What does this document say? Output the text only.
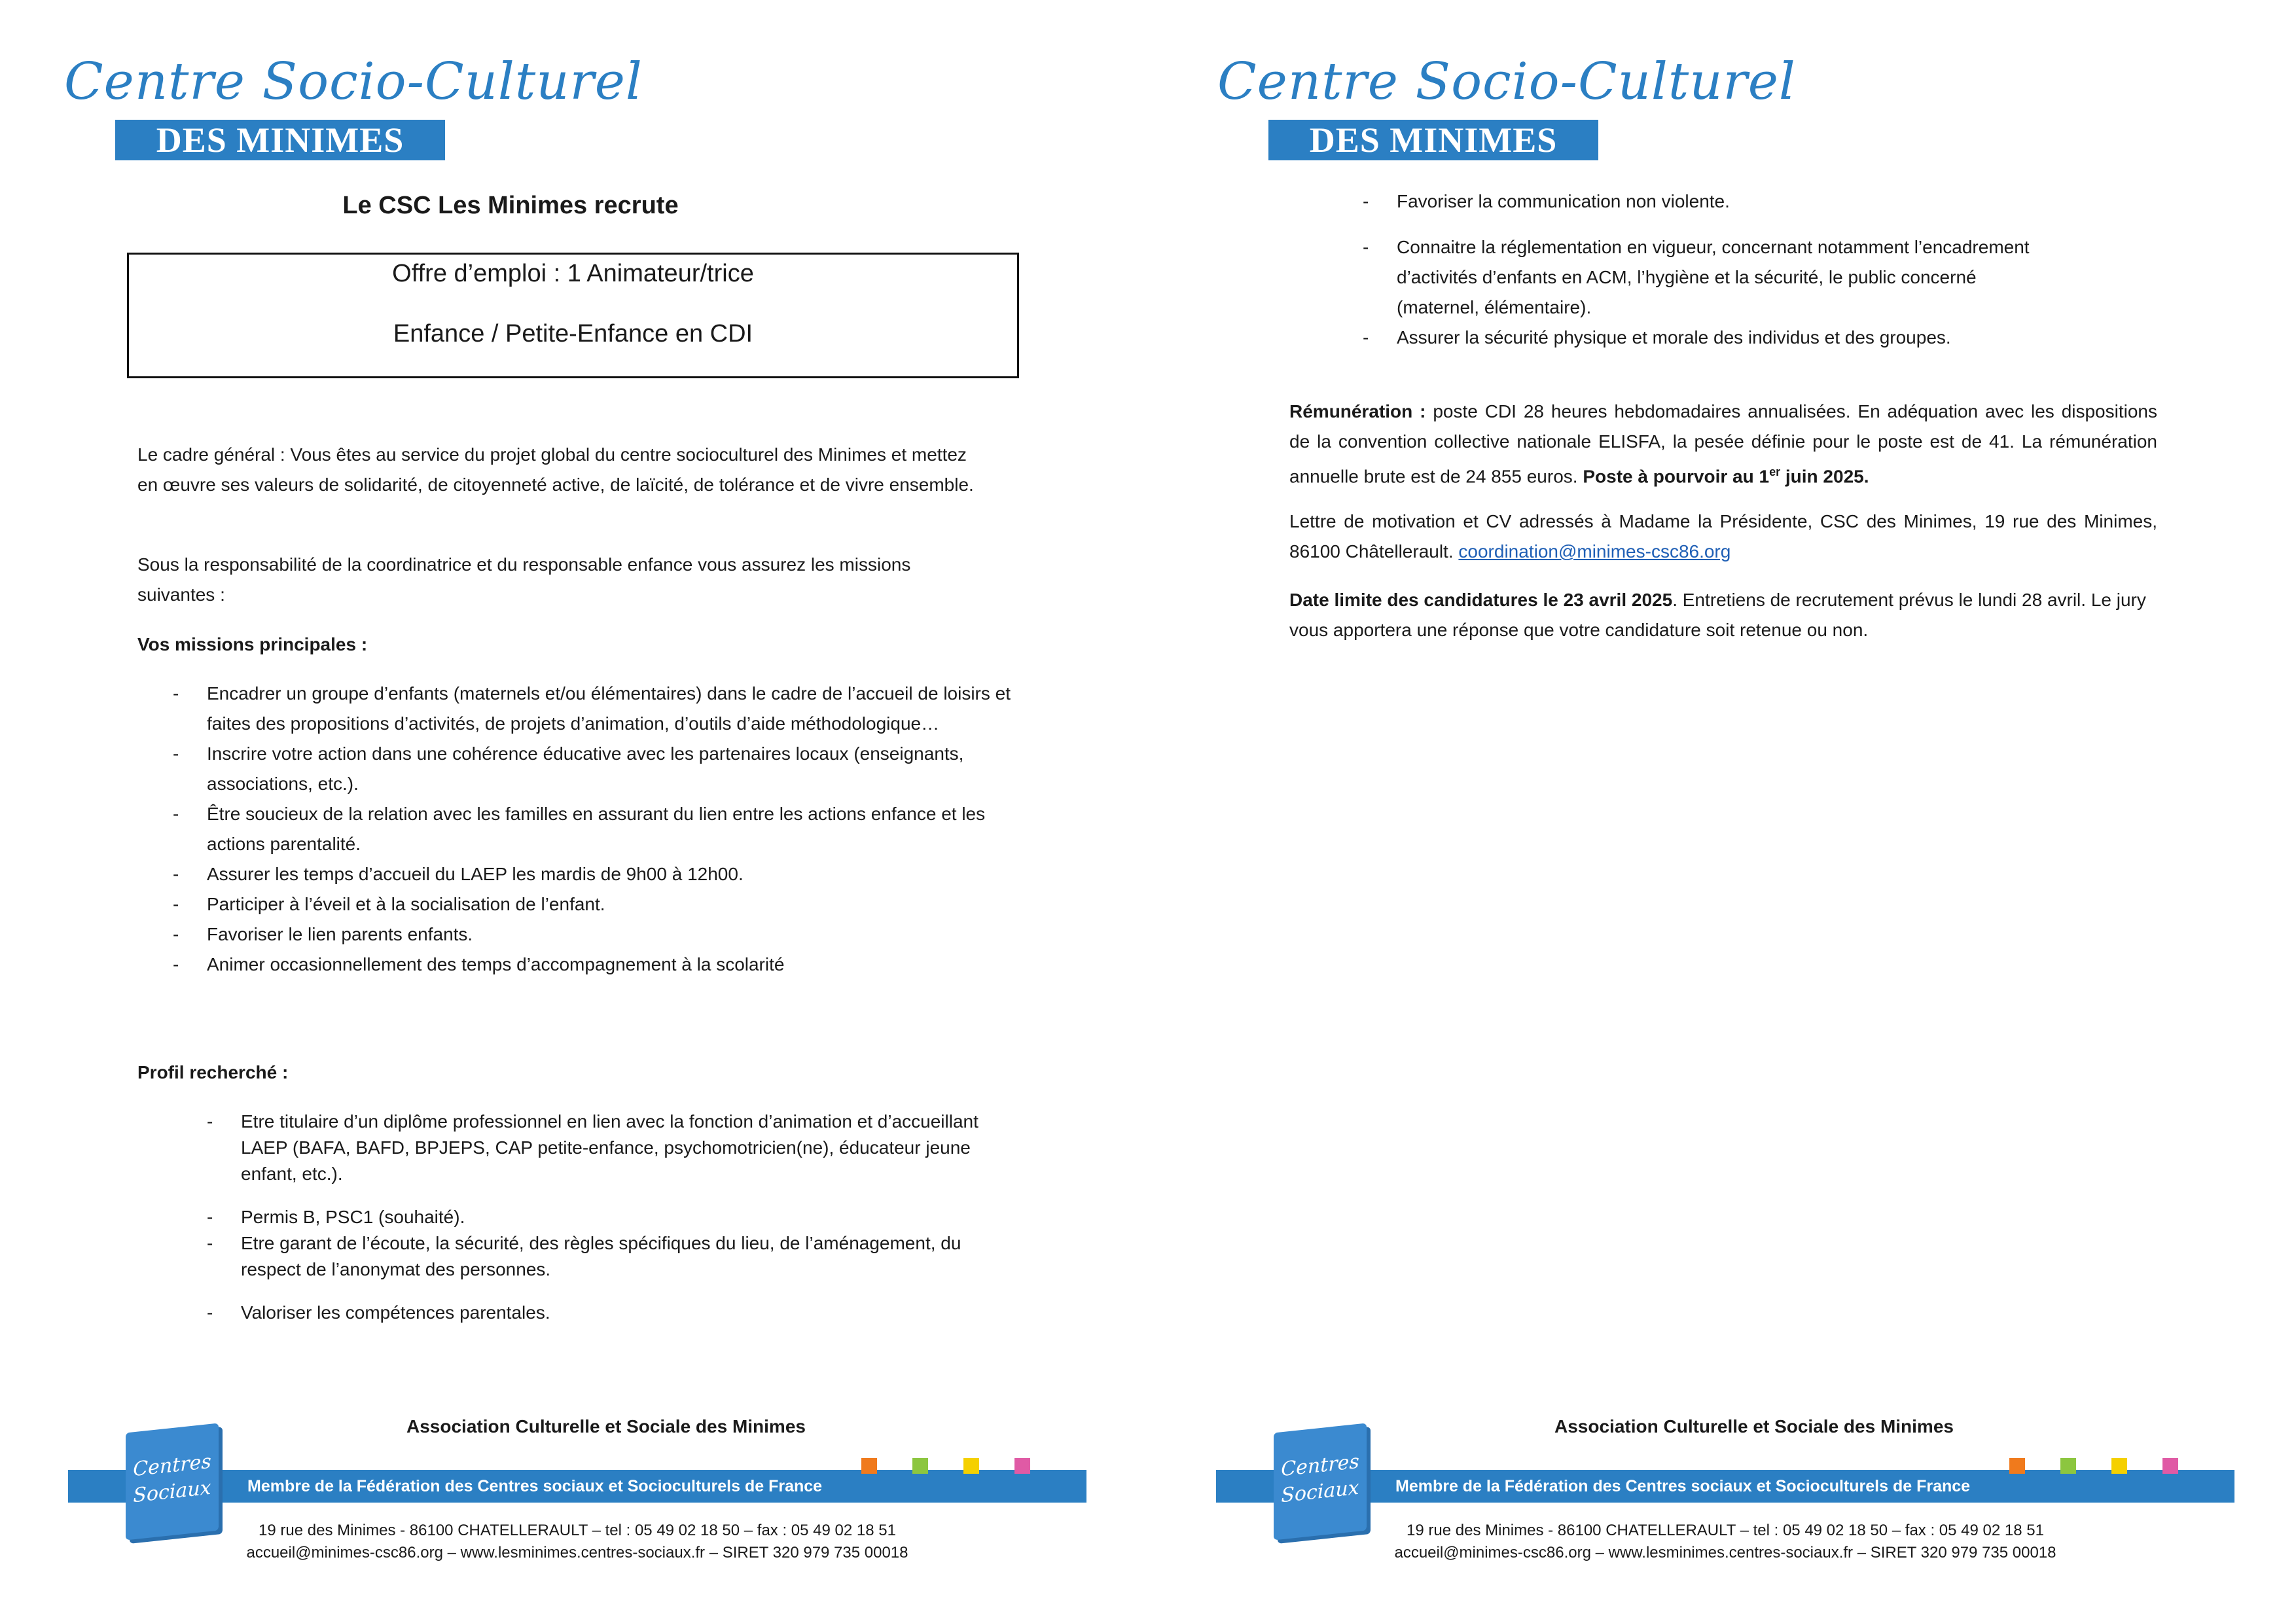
Centre Socio-Culturel
DES MINIMES
Le CSC Les Minimes recrute
Offre d’emploi : 1 Animateur/trice
Enfance / Petite-Enfance en CDI
Le cadre général : Vous êtes au service du projet global du centre socioculturel des Minimes et mettez en œuvre ses valeurs de solidarité, de citoyenneté active, de laïcité, de tolérance et de vivre ensemble.
Sous la responsabilité de la coordinatrice et du responsable enfance vous assurez les missions suivantes :
Vos missions principales :
- Encadrer un groupe d’enfants (maternels et/ou élémentaires) dans le cadre de l’accueil de loisirs et faites des propositions d’activités, de projets d’animation, d’outils d’aide méthodologique…
- Inscrire votre action dans une cohérence éducative avec les partenaires locaux (enseignants, associations, etc.).
- Être soucieux de la relation avec les familles en assurant du lien entre les actions enfance et les actions parentalité.
- Assurer les temps d’accueil du LAEP les mardis de 9h00 à 12h00.
- Participer à l’éveil et à la socialisation de l’enfant.
- Favoriser le lien parents enfants.
- Animer occasionnellement des temps d’accompagnement à la scolarité
Profil recherché :
- Etre titulaire d’un diplôme professionnel en lien avec la fonction d’animation et d’accueillant LAEP (BAFA, BAFD, BPJEPS, CAP petite-enfance, psychomotricien(ne), éducateur jeune enfant, etc.).
- Permis B, PSC1 (souhaité).
- Etre garant de l’écoute, la sécurité, des règles spécifiques du lieu, de l’aménagement, du respect de l’anonymat des personnes.
- Valoriser les compétences parentales.
Association Culturelle et Sociale des Minimes
Centres
Sociaux	Membre de la Fédération des Centres sociaux et Socioculturels de France
19 rue des Minimes - 86100 CHATELLERAULT – tel : 05 49 02 18 50 – fax : 05 49 02 18 51
accueil@minimes-csc86.org – www.lesminimes.centres-sociaux.fr – SIRET 320 979 735 00018
Centre Socio-Culturel
DES MINIMES
- Favoriser la communication non violente.
- Connaitre la réglementation en vigueur, concernant notamment l’encadrement d’activités d’enfants en ACM, l’hygiène et la sécurité, le public concerné (maternel, élémentaire).
- Assurer la sécurité physique et morale des individus et des groupes.
Rémunération : poste CDI 28 heures hebdomadaires annualisées. En adéquation avec les dispositions de la convention collective nationale ELISFA, la pesée définie pour le poste est de 41. La rémunération annuelle brute est de 24 855 euros. Poste à pourvoir au 1er juin 2025.
Lettre de motivation et CV adressés à Madame la Présidente, CSC des Minimes, 19 rue des Minimes, 86100 Châtellerault. coordination@minimes-csc86.org
Date limite des candidatures le 23 avril 2025. Entretiens de recrutement prévus le lundi 28 avril. Le jury vous apportera une réponse que votre candidature soit retenue ou non.
Association Culturelle et Sociale des Minimes
Centres
Sociaux	Membre de la Fédération des Centres sociaux et Socioculturels de France
19 rue des Minimes - 86100 CHATELLERAULT – tel : 05 49 02 18 50 – fax : 05 49 02 18 51
accueil@minimes-csc86.org – www.lesminimes.centres-sociaux.fr – SIRET 320 979 735 00018
